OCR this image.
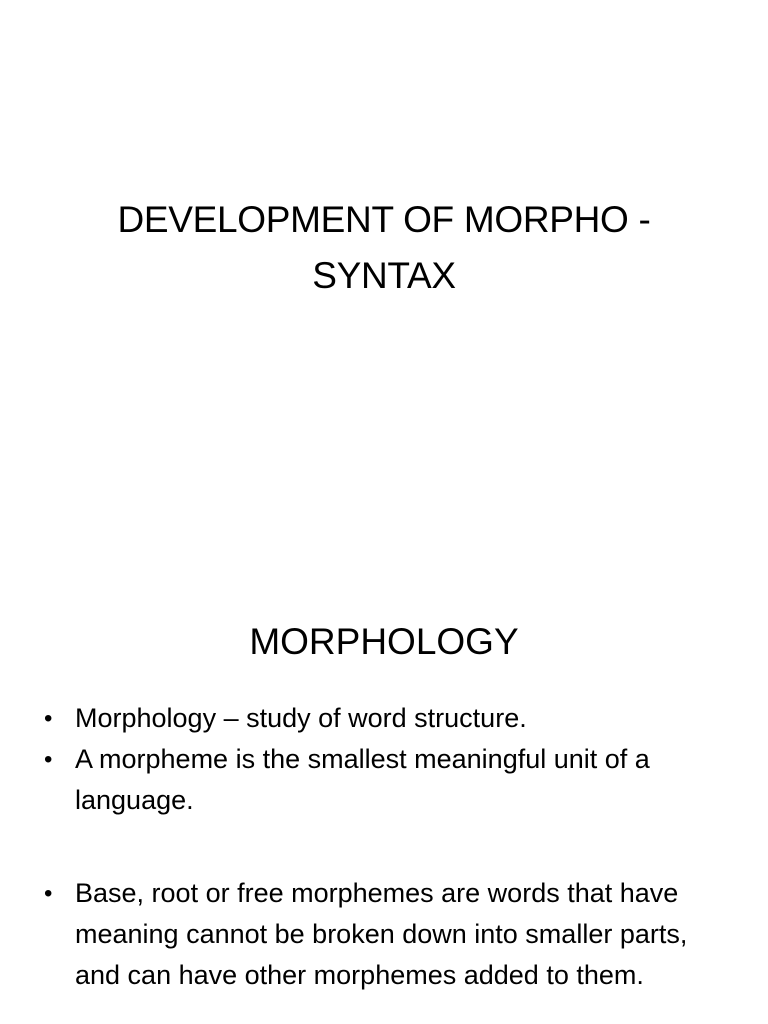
DEVELOPMENT OF MORPHO -
SYNTAX
MORPHOLOGY
• Morphology – study of word structure.
• A morpheme is the smallest meaningful unit of a language.
• Base, root or free morphemes are words that have meaning cannot be broken down into smaller parts, and can have other morphemes added to them.
